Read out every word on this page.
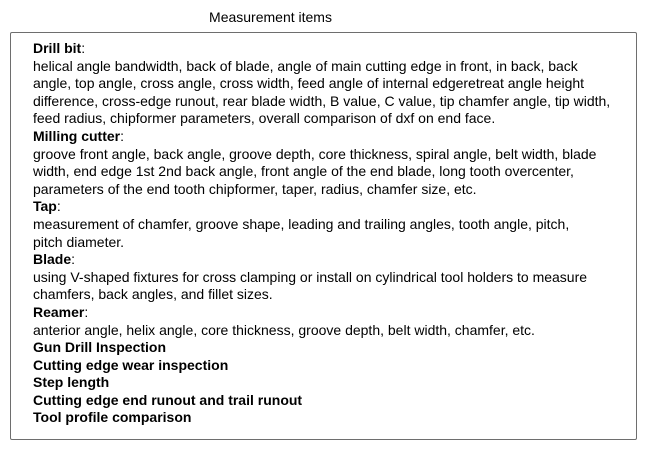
Measurement items
Drill bit:
helical angle bandwidth, back of blade, angle of main cutting edge in front, in back, back
angle, top angle, cross angle, cross width, feed angle of internal edgeretreat angle height
difference, cross-edge runout, rear blade width, B value, C value, tip chamfer angle, tip width,
feed radius, chipformer parameters, overall comparison of dxf on end face.
Milling cutter:
groove front angle, back angle, groove depth, core thickness, spiral angle, belt width, blade
width, end edge 1st 2nd back angle, front angle of the end blade, long tooth overcenter,
parameters of the end tooth chipformer, taper, radius, chamfer size, etc.
Tap:
measurement of chamfer, groove shape, leading and trailing angles, tooth angle, pitch,
pitch diameter.
Blade:
using V-shaped fixtures for cross clamping or install on cylindrical tool holders to measure
chamfers, back angles, and fillet sizes.
Reamer:
anterior angle, helix angle, core thickness, groove depth, belt width, chamfer, etc.
Gun Drill Inspection
Cutting edge wear inspection
Step length
Cutting edge end runout and trail runout
Tool profile comparison
